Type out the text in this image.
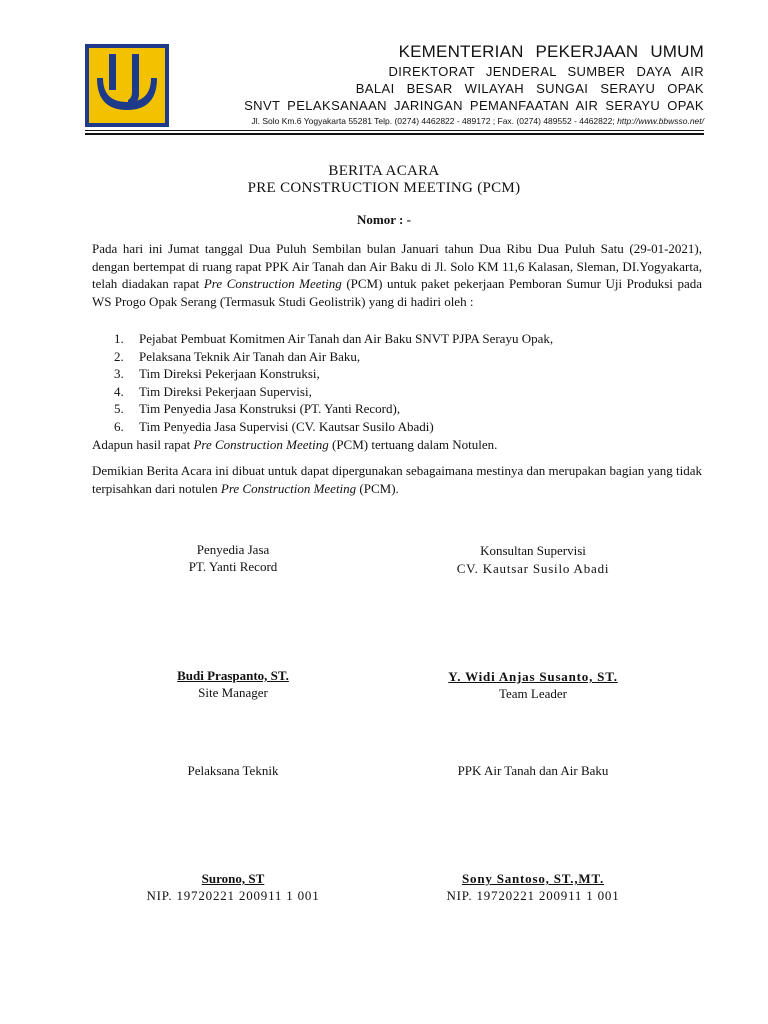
KEMENTERIAN PEKERJAAN UMUM
DIREKTORAT JENDERAL SUMBER DAYA AIR
BALAI BESAR WILAYAH SUNGAI SERAYU OPAK
SNVT PELAKSANAAN JARINGAN PEMANFAATAN AIR SERAYU OPAK
Jl. Solo Km.6 Yogyakarta 55281 Telp. (0274) 4462822 - 489172 ; Fax. (0274) 489552 - 4462822; http://www.bbwsso.net/
BERITA ACARA
PRE CONSTRUCTION MEETING (PCM)
Nomor : -
Pada hari ini Jumat tanggal Dua Puluh Sembilan bulan Januari tahun Dua Ribu Dua Puluh Satu (29-01-2021), dengan bertempat di ruang rapat PPK Air Tanah dan Air Baku di Jl. Solo KM 11,6 Kalasan, Sleman, DI.Yogyakarta, telah diadakan rapat Pre Construction Meeting (PCM) untuk paket pekerjaan Pemboran Sumur Uji Produksi pada WS Progo Opak Serang (Termasuk Studi Geolistrik) yang di hadiri oleh :
1. Pejabat Pembuat Komitmen Air Tanah dan Air Baku SNVT PJPA Serayu Opak,
2. Pelaksana Teknik Air Tanah dan Air Baku,
3. Tim Direksi Pekerjaan Konstruksi,
4. Tim Direksi Pekerjaan Supervisi,
5. Tim Penyedia Jasa Konstruksi (PT. Yanti Record),
6. Tim Penyedia Jasa Supervisi (CV. Kautsar Susilo Abadi)
Adapun hasil rapat Pre Construction Meeting (PCM) tertuang dalam Notulen.
Demikian Berita Acara ini dibuat untuk dapat dipergunakan sebagaimana mestinya dan merupakan bagian yang tidak terpisahkan dari notulen Pre Construction Meeting (PCM).
Penyedia Jasa
PT. Yanti Record
Konsultan Supervisi
CV. Kautsar Susilo Abadi
Budi Praspanto, ST.
Site Manager
Y. Widi Anjas Susanto, ST.
Team Leader
Pelaksana Teknik	PPK Air Tanah dan Air Baku
Surono, ST
NIP. 19720221 200911 1 001
Sony Santoso, ST.,MT.
NIP. 19720221 200911 1 001
